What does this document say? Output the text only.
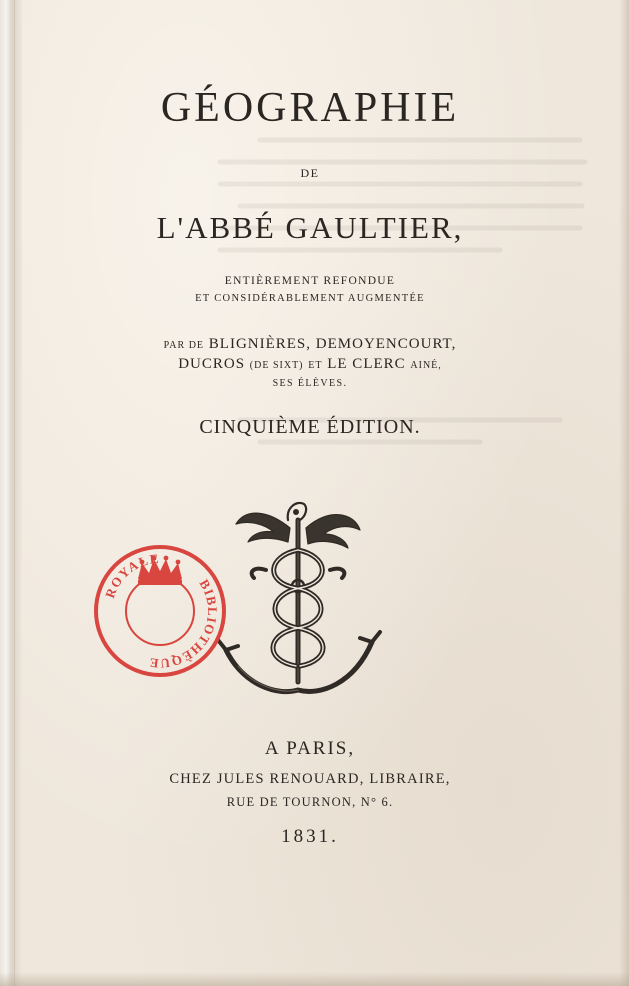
GÉOGRAPHIE
DE
L'ABBÉ GAULTIER,
ENTIÈREMENT REFONDUE
ET CONSIDÉRABLEMENT AUGMENTÉE
PAR DE BLIGNIÈRES, DEMOYENCOURT,
DUCROS (DE SIXT) ET LE CLERC AINÉ,
SES ÉLÈVES.
CINQUIÈME ÉDITION.
ROYALE
BIBLIOTHÈQUE
A PARIS,
CHEZ JULES RENOUARD, LIBRAIRE,
RUE DE TOURNON, N° 6.
1831.
